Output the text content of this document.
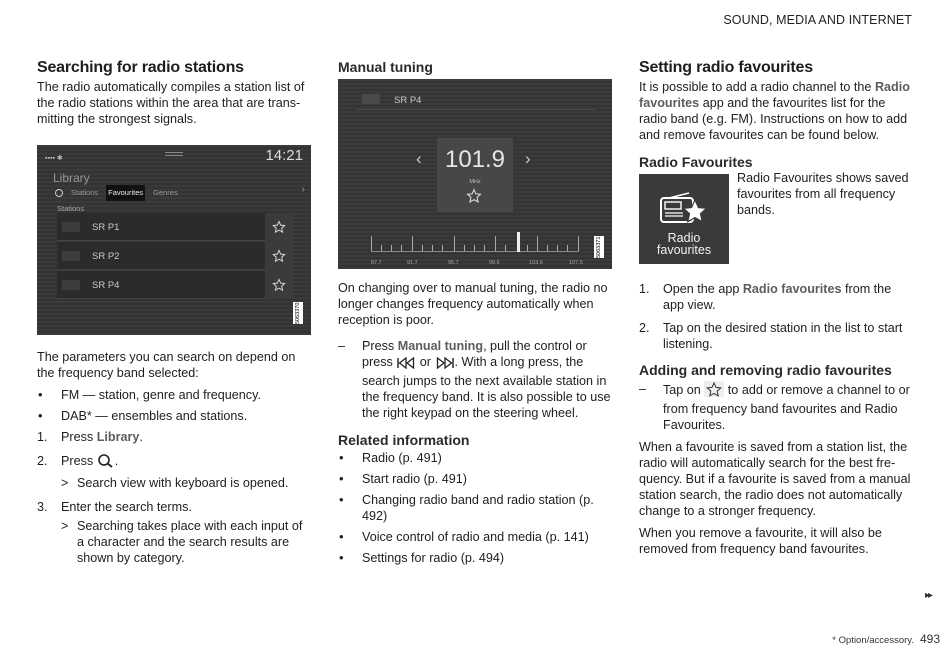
SOUND, MEDIA AND INTERNET
Searching for radio stations

The radio automatically compiles a station list of the radio stations within the area that are trans-mitting the strongest signals.

▪▪▪▪ ✱	14:21
Library
Stations Favourites Genres	›
Stations
SR P1
SR P2
SR P4
5063370

The parameters you can search on depend on the frequency band selected:

• FM — station, genre and frequency.
• DAB* — ensembles and stations.
1. Press Library.
2. Press .
> Search view with keyboard is opened.
3. Enter the search terms.
> Searching takes place with each input of a character and the search results are shown by category.
Manual tuning
SR P4
‹ 101.9
MHz
›
87.7	91.7	95.7	99.6	103.6	107.5
5063371

On changing over to manual tuning, the radio no longer changes frequency automatically when reception is poor.

– Press Manual tuning, pull the control or press  or . With a long press, the search jumps to the next available station in the frequency band. It is also possible to use the right keypad on the steering wheel.
Related information
• Radio (p. 491)
• Start radio (p. 491)
• Changing radio band and radio station (p. 492)
• Voice control of radio and media (p. 141)
• Settings for radio (p. 494)
Setting radio favourites

It is possible to add a radio channel to the Radio favourites app and the favourites list for the radio band (e.g. FM). Instructions on how to add and remove favourites can be found below.

Radio Favourites
Radio
favourites
Radio Favourites shows saved favourites from all frequency bands.
1. Open the app Radio favourites from the app view.
2. Tap on the desired station in the list to start listening.
Adding and removing radio favourites
– Tap on  to add or remove a channel to or from frequency band favourites and Radio Favourites.

When a favourite is saved from a station list, the radio will automatically search for the best fre-quency. But if a favourite is saved from a manual station search, the radio does not automatically change to a stronger frequency.

When you remove a favourite, it will also be removed from frequency band favourites.

▸▸
* Option/accessory. 493
